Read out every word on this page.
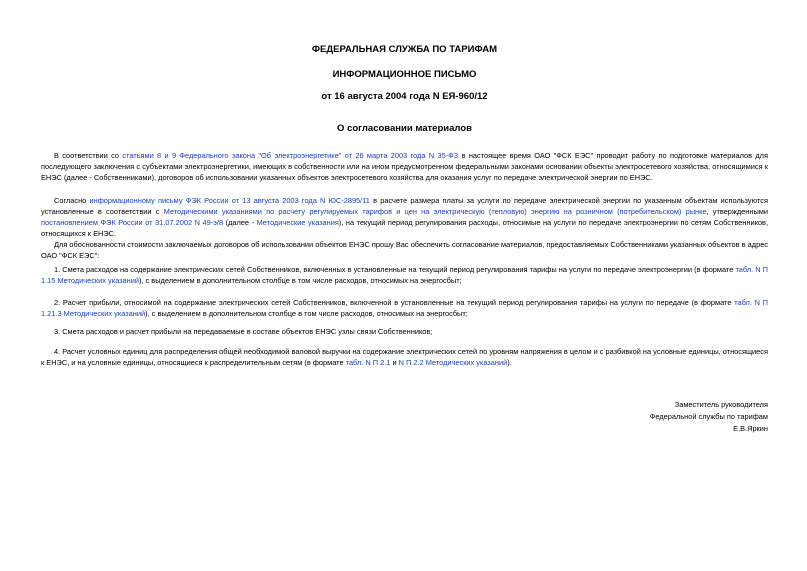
ФЕДЕРАЛЬНАЯ СЛУЖБА ПО ТАРИФАМ
ИНФОРМАЦИОННОЕ ПИСЬМО
от 16 августа 2004 года N ЕЯ-960/12
О согласовании материалов
В соответствии со статьями 8 и 9 Федерального закона "Об электроэнергетике" от 26 марта 2003 года N 35-ФЗ в настоящее время ОАО "ФСК ЕЭС" проводит работу по подготовке материалов для последующего заключения с субъектами электроэнергетики, имеющих в собственности или на ином предусмотренном федеральными законами основании объекты электросетевого хозяйства, относящимися к ЕНЭС (далее - Собственниками), договоров об использовании указанных объектов электросетевого хозяйства для оказания услуг по передаче электрической энергии по ЕНЭС.
Согласно информационному письму ФЭК России от 13 августа 2003 года N ЮС-2895/11 в расчете размера платы за услуги по передаче электрической энергии по указанным объектам используются установленные в соответствии с Методическими указаниями по расчету регулируемых тарифов и цен на электрическую (тепловую) энергию на розничном (потребительском) рынке, утвержденными постановлением ФЭК России от 31.07.2002 N 49-э/8 (далее - Методические указания), на текущий период регулирования расходы, относимые на услуги по передаче электроэнергии по сетям Собственников, относящихся к ЕНЭС.
Для обоснованности стоимости заключаемых договоров об использовании объектов ЕНЭС прошу Вас обеспечить согласование материалов, предоставляемых Собственниками указанных объектов в адрес ОАО "ФСК ЕЭС":
1. Смета расходов на содержание электрических сетей Собственников, включенных в установленные на текущий период регулирования тарифы на услуги по передаче электроэнергии (в формате табл. N П 1.15 Методических указаний), с выделением в дополнительном столбце в том числе расходов, относимых на энергосбыт;
2. Расчет прибыли, относимой на содержание электрических сетей Собственников, включенной в установленные на текущий период регулирования тарифы на услуги по передаче (в формате табл. N П 1.21.3 Методических указаний), с выделением в дополнительном столбце в том числе расходов, относимых на энергосбыт;
3. Смета расходов и расчет прибыли на передаваемые в составе объектов ЕНЭС узлы связи Собственников;
4. Расчет условных единиц для распределения общей необходимой валовой выручки на содержание электрических сетей по уровням напряжения в целом и с разбивкой на условные единицы, относящиеся к ЕНЭС, и на условные единицы, относящиеся к распределительным сетям (в формате табл. N П 2.1 и N П 2.2 Методических указаний).
Заместитель руководителя
Федеральной службы по тарифам
Е.В.Яркин
